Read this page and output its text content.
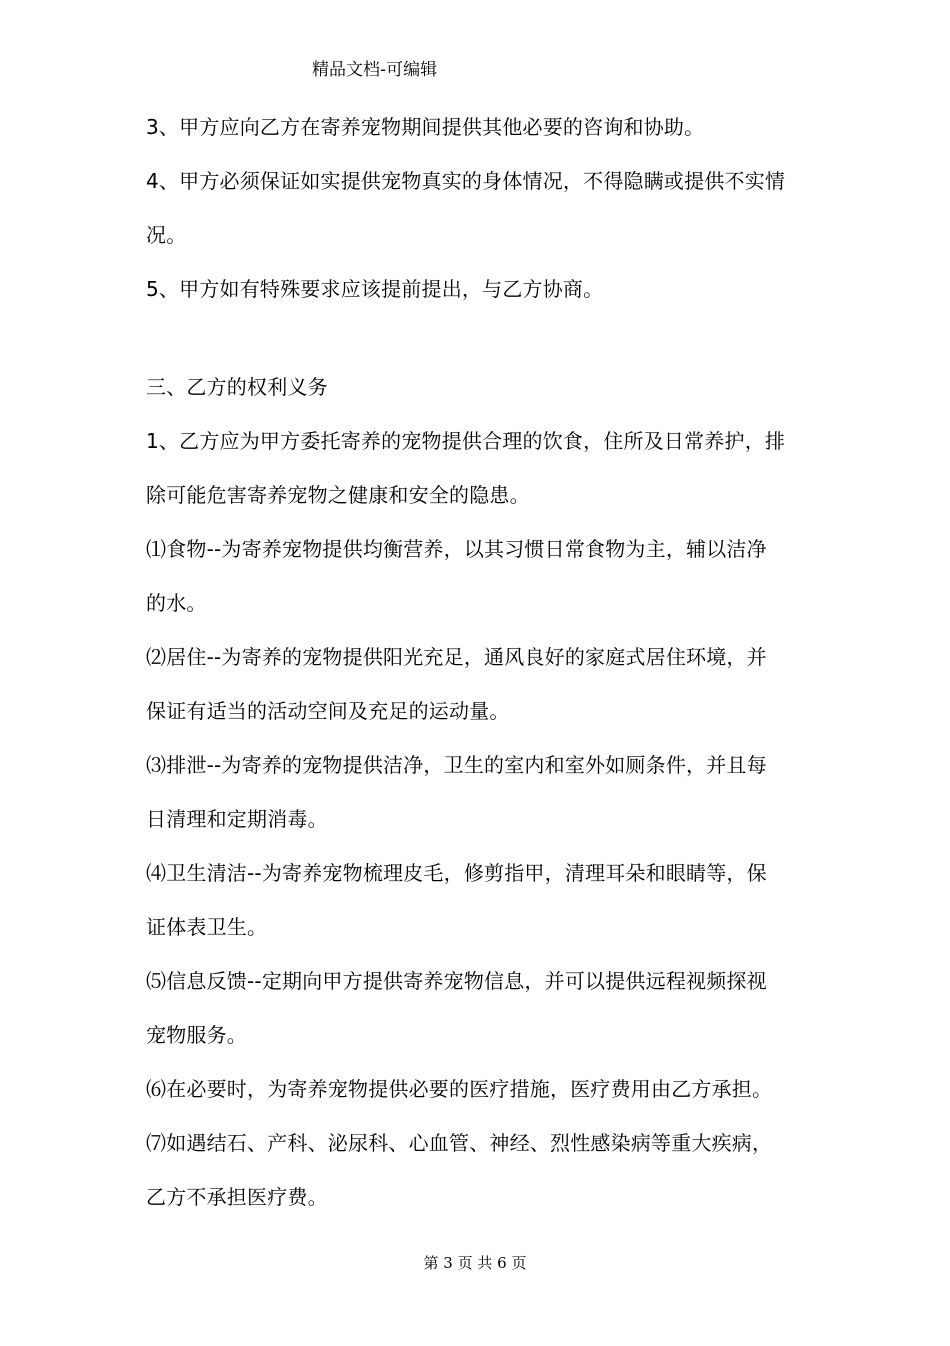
精品文档-可编辑
3、甲方应向乙方在寄养宠物期间提供其他必要的咨询和协助。
4、甲方必须保证如实提供宠物真实的身体情况，不得隐瞒或提供不实情
况。
5、甲方如有特殊要求应该提前提出，与乙方协商。
三、乙方的权利义务
1、乙方应为甲方委托寄养的宠物提供合理的饮食，住所及日常养护，排
除可能危害寄养宠物之健康和安全的隐患。
⑴食物--为寄养宠物提供均衡营养，以其习惯日常食物为主，辅以洁净
的水。
⑵居住--为寄养的宠物提供阳光充足，通风良好的家庭式居住环境，并
保证有适当的活动空间及充足的运动量。
⑶排泄--为寄养的宠物提供洁净，卫生的室内和室外如厕条件，并且每
日清理和定期消毒。
⑷卫生清洁--为寄养宠物梳理皮毛，修剪指甲，清理耳朵和眼睛等，保
证体表卫生。
⑸信息反馈--定期向甲方提供寄养宠物信息，并可以提供远程视频探视
宠物服务。
⑹在必要时，为寄养宠物提供必要的医疗措施，医疗费用由乙方承担。
⑺如遇结石、产科、泌尿科、心血管、神经、烈性感染病等重大疾病，
乙方不承担医疗费。
第 3 页 共 6 页
